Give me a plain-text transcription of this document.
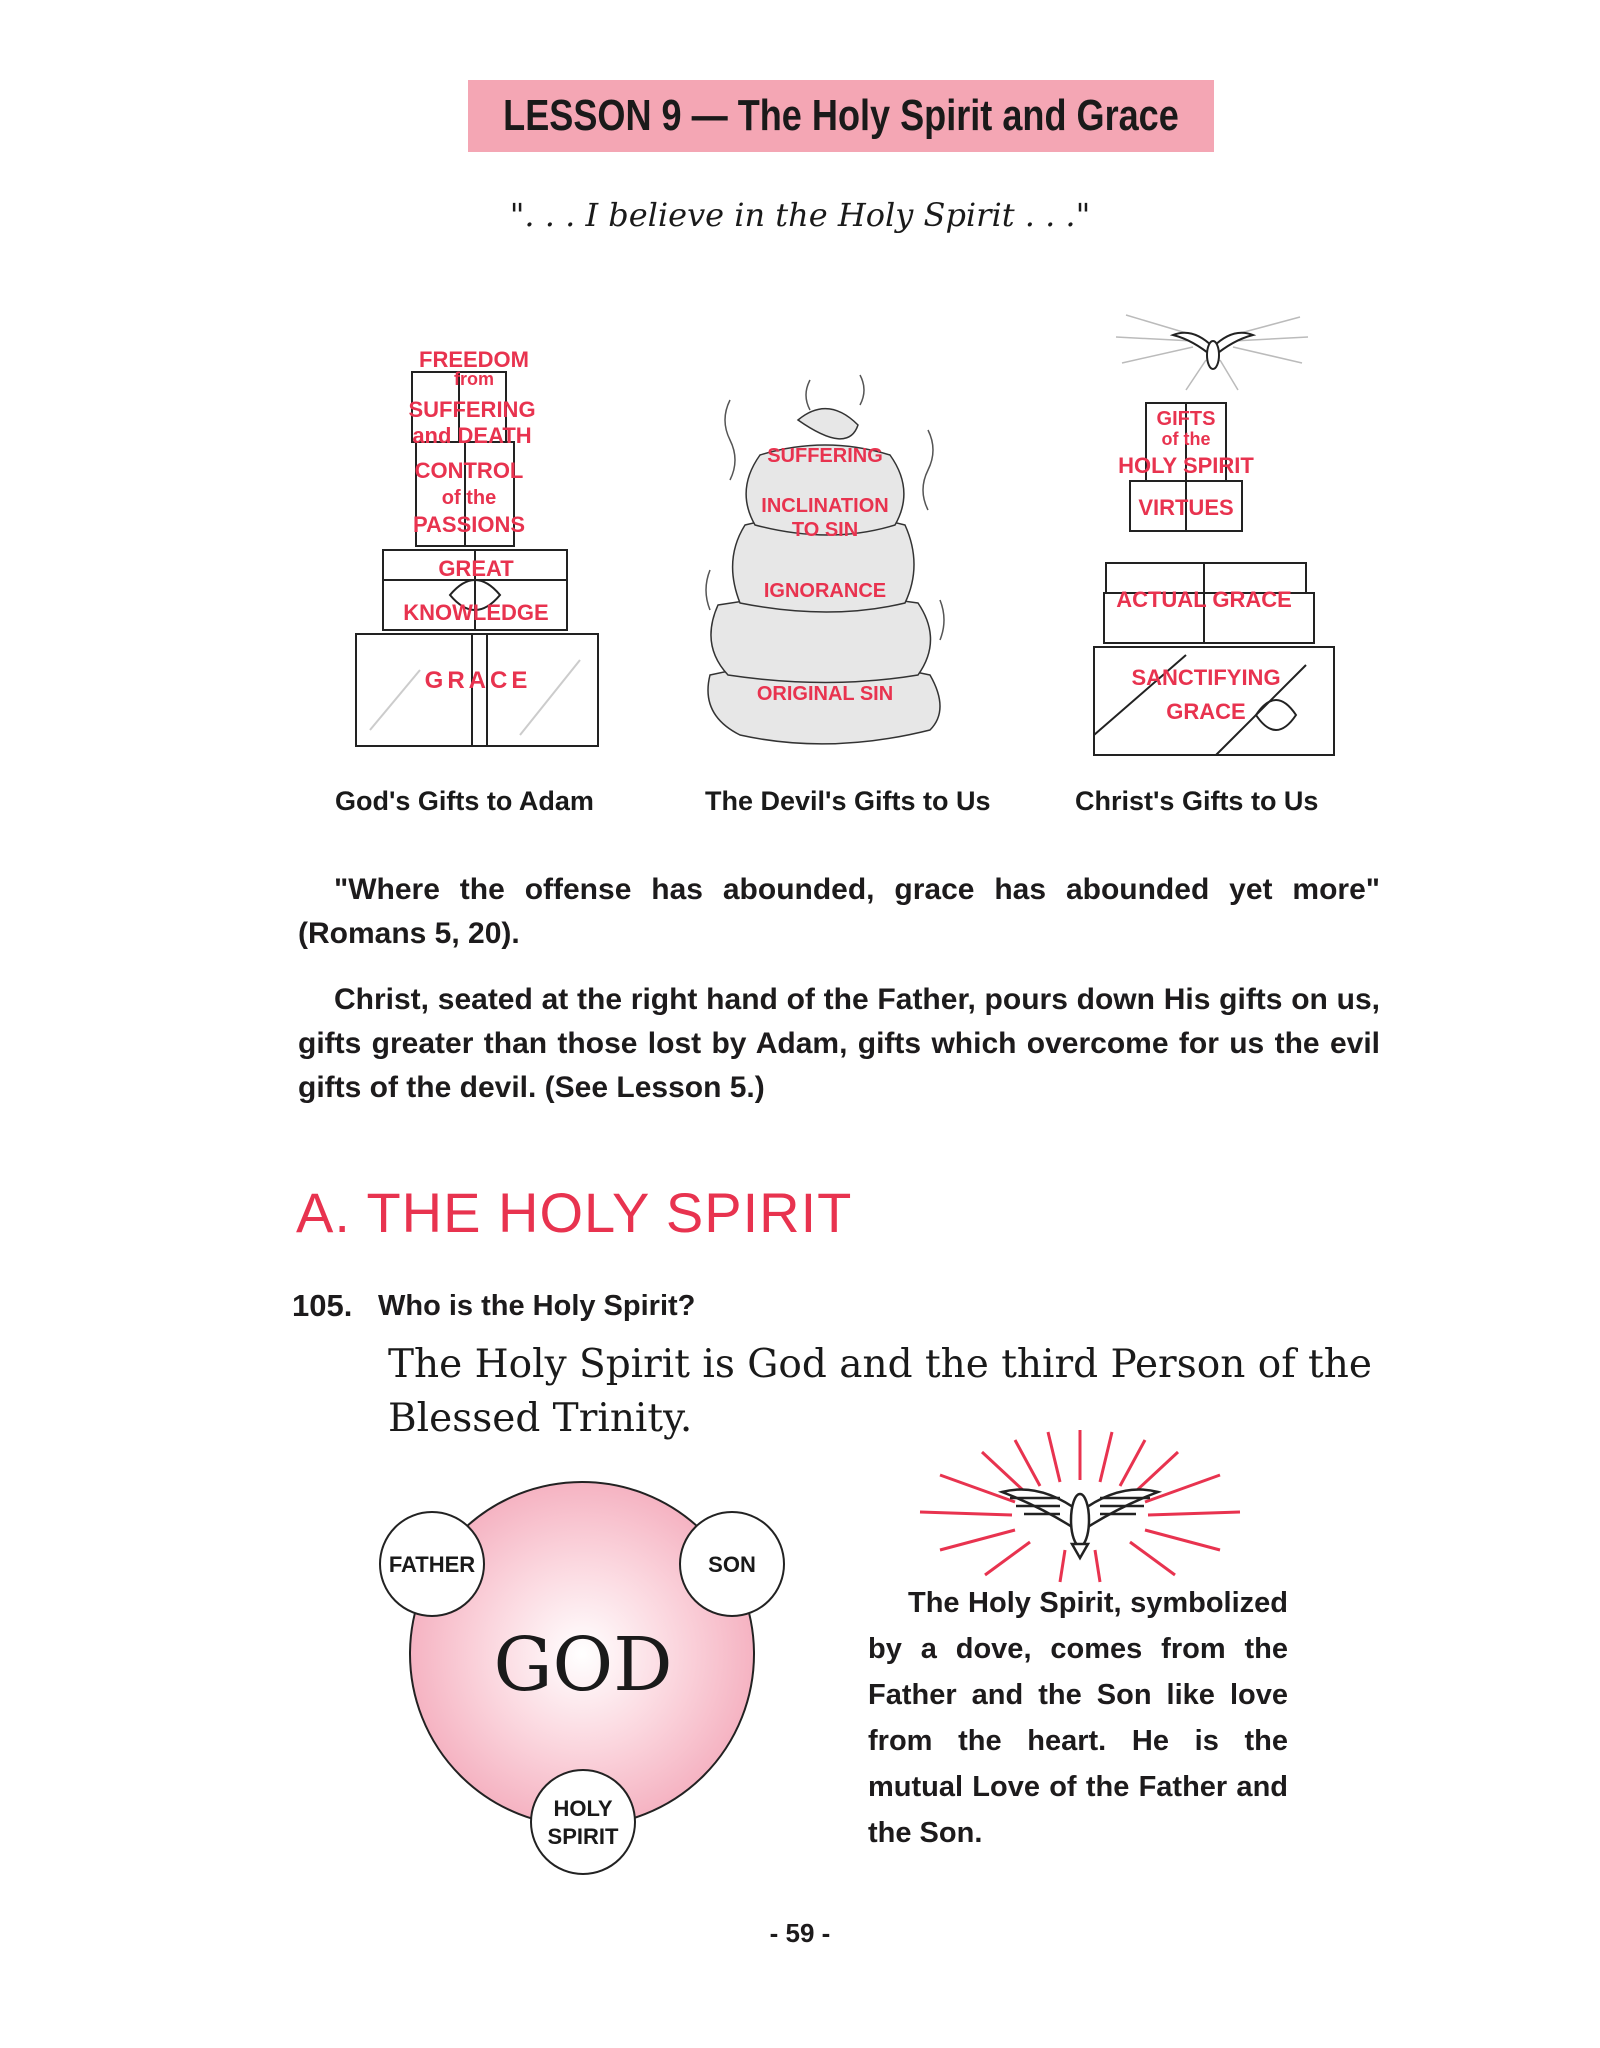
LESSON 9 — The Holy Spirit and Grace
". . . I believe in the Holy Spirit . . ."
FREEDOM
from
SUFFERING
and DEATH
CONTROL
of the
PASSIONS
GREAT
KNOWLEDGE
GRACE
God's Gifts to Adam
SUFFERING
INCLINATION
TO SIN
IGNORANCE
ORIGINAL SIN
The Devil's Gifts to Us
GIFTS
of the
HOLY SPIRIT
VIRTUES
ACTUAL GRACE
SANCTIFYING
GRACE
Christ's Gifts to Us
"Where the offense has abounded, grace has abounded yet more" (Romans 5, 20).
Christ, seated at the right hand of the Father, pours down His gifts on us, gifts greater than those lost by Adam, gifts which overcome for us the evil gifts of the devil. (See Lesson 5.)
A. THE HOLY SPIRIT
105. Who is the Holy Spirit?
The Holy Spirit is God and the third Person of the Blessed Trinity.
GOD
FATHER	SON
HOLY
SPIRIT
The Holy Spirit, symbolized by a dove, comes from the Father and the Son like love from the heart. He is the mutual Love of the Father and the Son.
- 59 -
